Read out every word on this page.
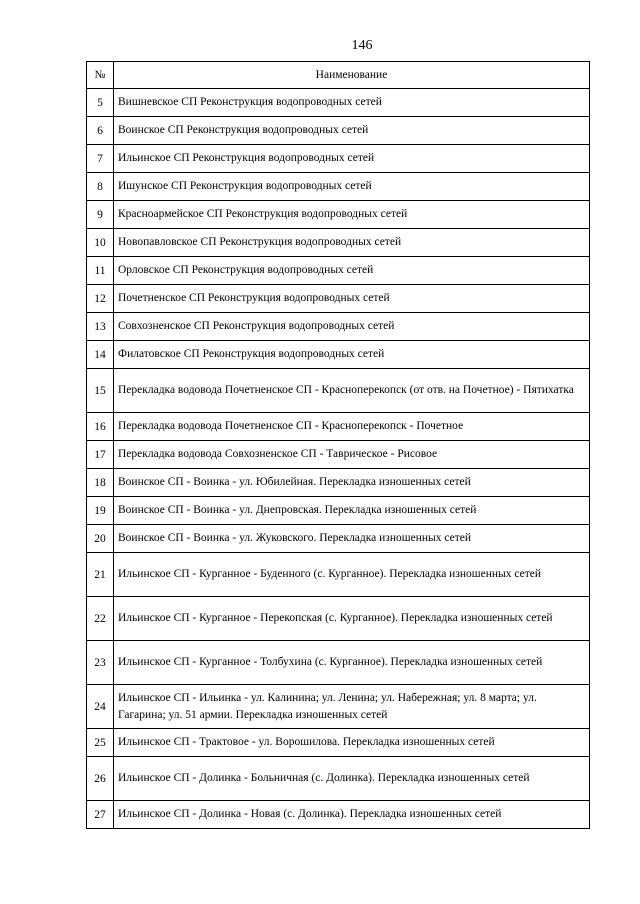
146
№	Наименование
5	Вишневское СП Реконструкция водопроводных сетей
6	Воинское СП Реконструкция водопроводных сетей
7	Ильинское СП Реконструкция водопроводных сетей
8	Ишунское СП Реконструкция водопроводных сетей
9	Красноармейское СП Реконструкция водопроводных сетей
10	Новопавловское СП Реконструкция водопроводных сетей
11	Орловское СП Реконструкция водопроводных сетей
12	Почетненское СП Реконструкция водопроводных сетей
13	Совхозненское СП Реконструкция водопроводных сетей
14	Филатовское СП Реконструкция водопроводных сетей
15	Перекладка водовода Почетненское СП - Красноперекопск (от отв. на Почетное) - Пятихатка
16	Перекладка водовода Почетненское СП - Красноперекопск - Почетное
17	Перекладка водовода Совхозненское СП - Таврическое - Рисовое
18	Воинское СП - Воинка - ул. Юбилейная. Перекладка изношенных сетей
19	Воинское СП - Воинка - ул. Днепровская. Перекладка изношенных сетей
20	Воинское СП - Воинка - ул. Жуковского. Перекладка изношенных сетей
21	Ильинское СП - Курганное - Буденного (с. Курганное). Перекладка изношенных сетей
22	Ильинское СП - Курганное - Перекопская (с. Курганное). Перекладка изношенных сетей
23	Ильинское СП - Курганное - Толбухина (с. Курганное). Перекладка изношенных сетей
24	Ильинское СП - Ильинка - ул. Калинина; ул. Ленина; ул. Набережная; ул. 8 марта; ул. Гагарина; ул. 51 армии. Перекладка изношенных сетей
25	Ильинское СП - Трактовое - ул. Ворошилова. Перекладка изношенных сетей
26	Ильинское СП - Долинка - Больничная (с. Долинка). Перекладка изношенных сетей
27	Ильинское СП - Долинка - Новая (с. Долинка). Перекладка изношенных сетей
